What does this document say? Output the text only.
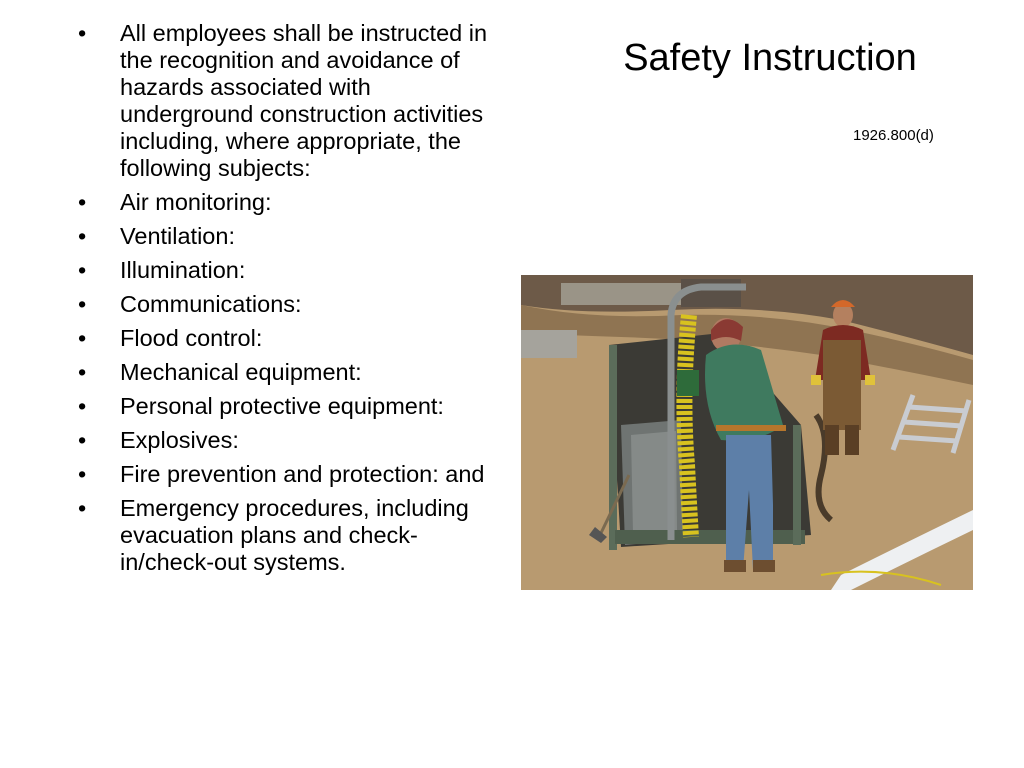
•	All employees shall be instructed in the recognition and avoidance of hazards associated with underground construction activities including, where appropriate, the following subjects:
•	Air monitoring:
•	Ventilation:
•	Illumination:
•	Communications:
•	Flood control:
•	Mechanical equipment:
•	Personal protective equipment:
•	Explosives:
•	Fire prevention and protection: and
•	Emergency procedures, including evacuation plans and check- in/check-out systems.
Safety Instruction
1926.800(d)
